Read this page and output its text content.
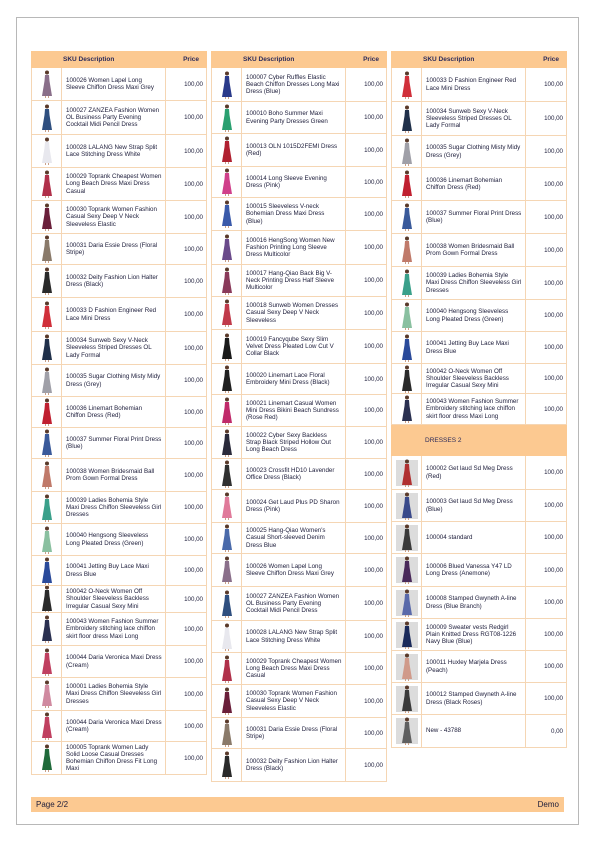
SKU Description	Price
100026 Women Lapel Long Sleeve Chiffon Dress Maxi Grey	100,00
100027 ZANZEA Fashion Women OL Business Party Evening Cocktail Midi Pencil Dress
100,00
100028 LALANG New Strap Split Lace Stitching Dress White	100,00
100029 Toprank Cheapest Women Long Beach Dress Maxi Dress Casual
100,00
100030 Toprank Women Fashion Casual Sexy Deep V Neck Sleeveless Elastic
100,00
100031 Daria Essie Dress (Floral Stripe)	100,00
100032 Deity Fashion Lion Halter Dress (Black)	100,00
100033 D Fashion Engineer Red Lace Mini Dress	100,00
100034 Sunweb Sexy V-Neck Sleeveless Striped Dresses OL Lady Formal
100,00
100035 Sugar Clothing Misty Midy Dress (Grey)	100,00
100036 Linemart Bohemian Chiffon Dress (Red)	100,00
100037 Summer Floral Print Dress (Blue)	100,00
100038 Women Bridesmaid Ball Prom Gown Formal Dress	100,00
100039 Ladies Bohemia Style Maxi Dress Chiffon Sleeveless Girl Dresses
100,00
100040 Hengsong Sleeveless Long Pleated Dress (Green)	100,00
100041 Jetting Buy Lace Maxi Dress Blue	100,00
100042 O-Neck Women Off Shoulder Sleeveless Backless Irregular Casual Sexy Mini
100,00
100043 Women Fashion Summer Embroidery stitching lace chiffon skirt floor dress Maxi Long
100,00
100044 Daria Veronica Maxi Dress (Cream)	100,00
100001 Ladies Bohemia Style Maxi Dress Chiffon Sleeveless Girl Dresses
100,00
100044 Daria Veronica Maxi Dress (Cream)	100,00
100005 Toprank Women Lady Solid Loose Casual Dresses Bohemian Chiffon Dress Fit Long Maxi
100,00
SKU Description	Price
100007 Cyber Ruffles Elastic Beach Chiffon Dresses Long Maxi Dress (Blue)
100,00
100010 Boho Summer Maxi Evening Party Dresses Green	100,00
100013 OLN 1015D2FEMI Dress (Red)	100,00
100014 Long Sleeve Evening Dress (Pink)	100,00
100015 Sleeveless V-neck Bohemian Dress Maxi Dress (Blue)
100,00
100016 HengSong Women New Fashion Printing Long Sleeve Dress Multicolor
100,00
100017 Hang-Qiao Back Big V-Neck Printing Dress Half Sleeve Multicolor
100,00
100018 Sunweb Women Dresses Casual Sexy Deep V Neck Sleeveless
100,00
100019 Fancyqube Sexy Slim Velvet Dress Pleated Low Cut V Collar Black
100,00
100020 Linemart Lace Floral Embroidery Mini Dress (Black)	100,00
100021 Linemart Casual Women Mini Dress Bikini Beach Sundress (Rose Red)
100,00
100022 Cyber Sexy Backless Strap Black Striped Hollow Out Long Beach Dress
100,00
100023 Crossfit HD10 Lavender Office Dress (Black)	100,00
100024 Get Laud Plus PD Sharon Dress (Pink)	100,00
100025 Hang-Qiao Women's Casual Short-sleeved Denim Dress Blue
100,00
100026 Women Lapel Long Sleeve Chiffon Dress Maxi Grey	100,00
100027 ZANZEA Fashion Women OL Business Party Evening Cocktail Midi Pencil Dress
100,00
100028 LALANG New Strap Split Lace Stitching Dress White	100,00
100029 Toprank Cheapest Women Long Beach Dress Maxi Dress Casual
100,00
100030 Toprank Women Fashion Casual Sexy Deep V Neck Sleeveless Elastic
100,00
100031 Daria Essie Dress (Floral Stripe)	100,00
100032 Deity Fashion Lion Halter Dress (Black)	100,00
SKU Description	Price
100033 D Fashion Engineer Red Lace Mini Dress	100,00
100034 Sunweb Sexy V-Neck Sleeveless Striped Dresses OL Lady Formal
100,00
100035 Sugar Clothing Misty Midy Dress (Grey)	100,00
100036 Linemart Bohemian Chiffon Dress (Red)	100,00
100037 Summer Floral Print Dress (Blue)	100,00
100038 Women Bridesmaid Ball Prom Gown Formal Dress	100,00
100039 Ladies Bohemia Style Maxi Dress Chiffon Sleeveless Girl Dresses
100,00
100040 Hengsong Sleeveless Long Pleated Dress (Green)	100,00
100041 Jetting Buy Lace Maxi Dress Blue	100,00
100042 O-Neck Women Off Shoulder Sleeveless Backless Irregular Casual Sexy Mini
100,00
100043 Women Fashion Summer Embroidery stitching lace chiffon skirt floor dress Maxi Long
100,00
DRESSES 2
100002 Get laud Sd Meg Dress (Red)	100,00
100003 Get laud Sd Meg Dress (Blue)	100,00
100004 standard	100,00
100006 Blued Vanessa Y47 LD Long Dress (Anemone)	100,00
100008 Stamped Gwyneth A-line Dress (Blue Branch)	100,00
100009 Sweater vests Redgirl Plain Knitted Dress RGT08-1226 Navy Blue (Blue)
100,00
100011 Huxley Marjela Dress (Peach)	100,00
100012 Stamped Gwyneth A-line Dress (Black Roses)	100,00
New - 43788	0,00
Page 2/2	Demo
